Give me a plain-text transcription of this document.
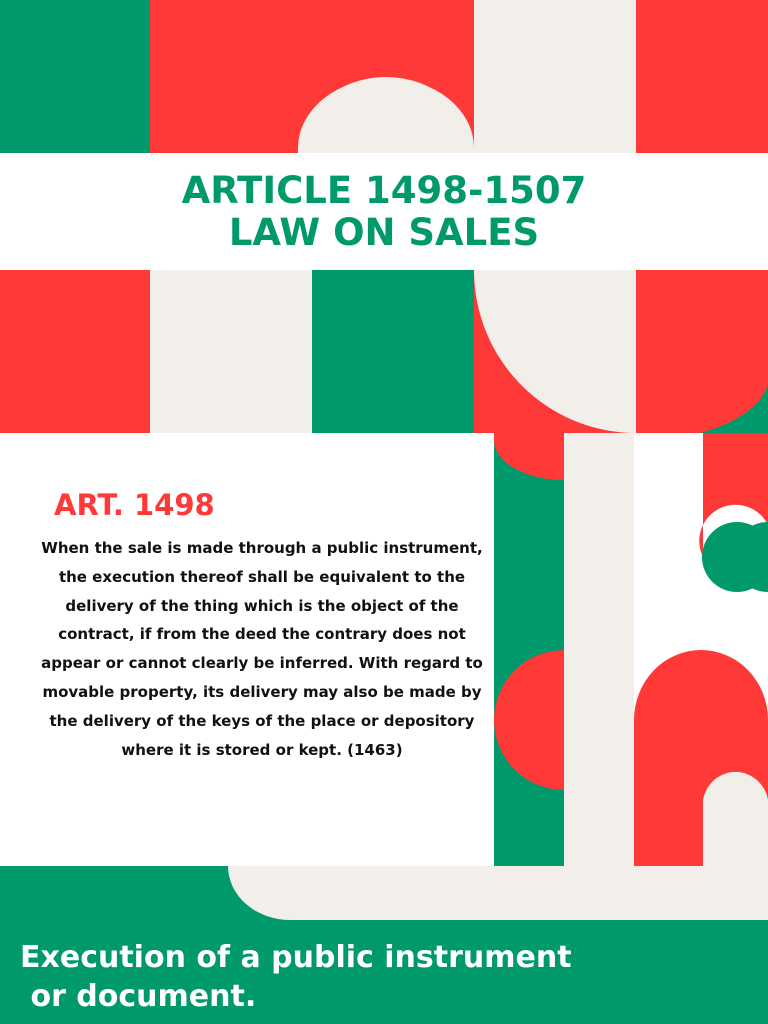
ARTICLE 1498-1507
LAW ON SALES
ART. 1498
When the sale is made through a public instrument, the execution thereof shall be equivalent to the delivery of the thing which is the object of the contract, if from the deed the contrary does not appear or cannot clearly be inferred. With regard to movable property, its delivery may also be made by the delivery of the keys of the place or depository where it is stored or kept. (1463)
Execution of a public instrument
or document.
